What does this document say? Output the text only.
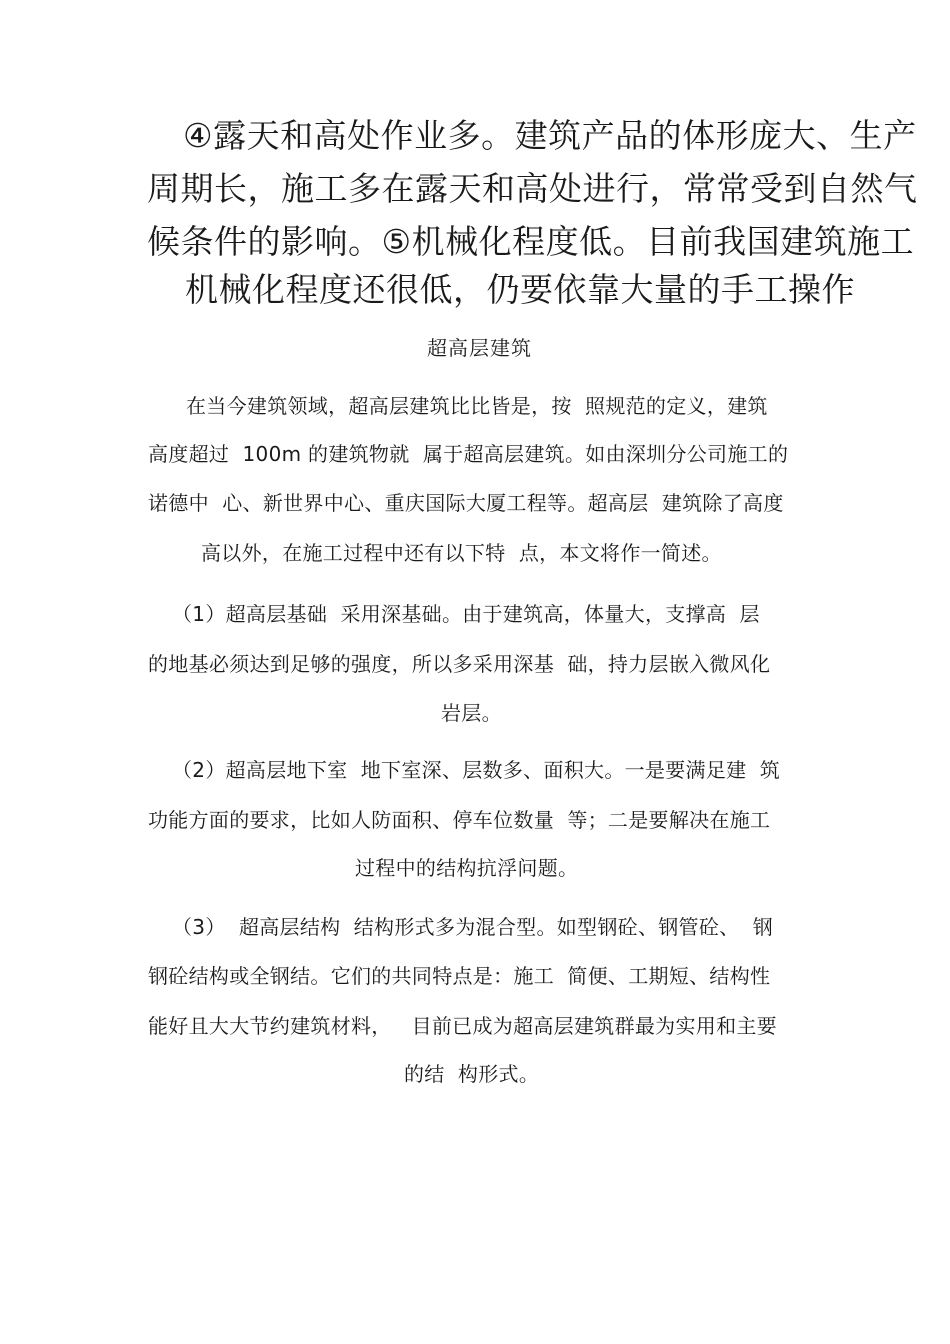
④露天和高处作业多。建筑产品的体形庞大、生产

周期长，施工多在露天和高处进行，常常受到自然气

候条件的影响。⑤机械化程度低。目前我国建筑施工

机械化程度还很低，仍要依靠大量的手工操作

超高层建筑

在当今建筑领域，超高层建筑比比皆是，按  照规范的定义，建筑

高度超过  100m 的建筑物就  属于超高层建筑。如由深圳分公司施工的

诺德中  心、新世界中心、重庆国际大厦工程等。超高层  建筑除了高度

高以外，在施工过程中还有以下特  点，本文将作一简述。

（1）超高层基础  采用深基础。由于建筑高，体量大，支撑高  层

的地基必须达到足够的强度，所以多采用深基  础，持力层嵌入微风化

岩层。

（2）超高层地下室  地下室深、层数多、面积大。一是要满足建  筑

功能方面的要求，比如人防面积、停车位数量  等；二是要解决在施工

过程中的结构抗浮问题。

（3）  超高层结构  结构形式多为混合型。如型钢砼、钢管砼、  钢

钢砼结构或全钢结。它们的共同特点是：施工  简便、工期短、结构性

能好且大大节约建筑材料，   目前已成为超高层建筑群最为实用和主要

的结  构形式。
